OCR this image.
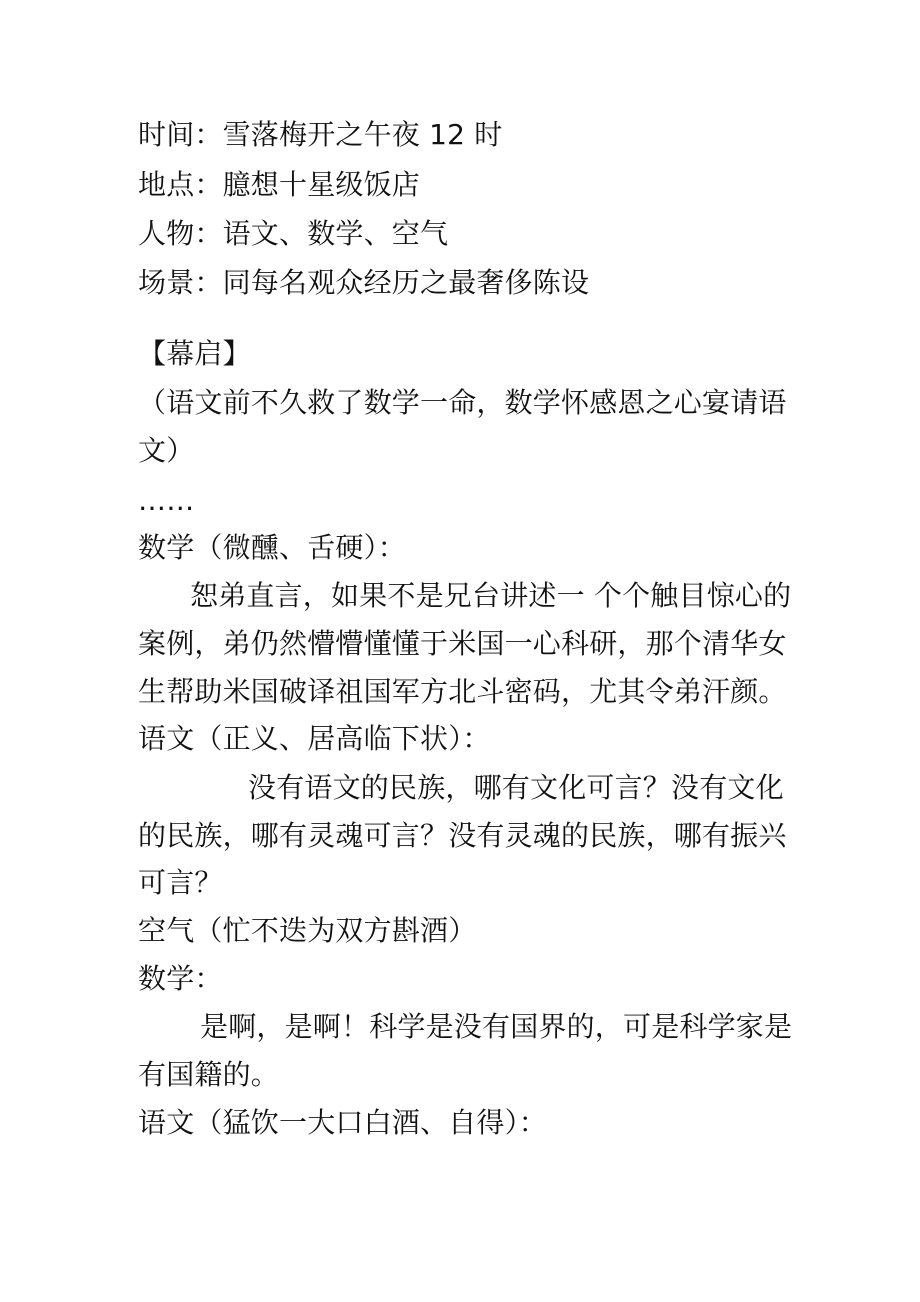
时间：雪落梅开之午夜 12 时
地点：臆想十星级饭店
人物：语文、数学、空气
场景：同每名观众经历之最奢侈陈设
【幕启】
（语文前不久救了数学一命，数学怀感恩之心宴请语
文）
……
数学（微醺、舌硬）：
恕弟直言，如果不是兄台讲述一 个个触目惊心的
案例，弟仍然懵懵懂懂于米国一心科研，那个清华女
生帮助米国破译祖国军方北斗密码，尤其令弟汗颜。
语文（正义、居高临下状）：
没有语文的民族，哪有文化可言？没有文化
的民族，哪有灵魂可言？没有灵魂的民族，哪有振兴
可言？
空气（忙不迭为双方斟酒）
数学：
是啊，是啊！科学是没有国界的，可是科学家是
有国籍的。
语文（猛饮一大口白酒、自得）：
